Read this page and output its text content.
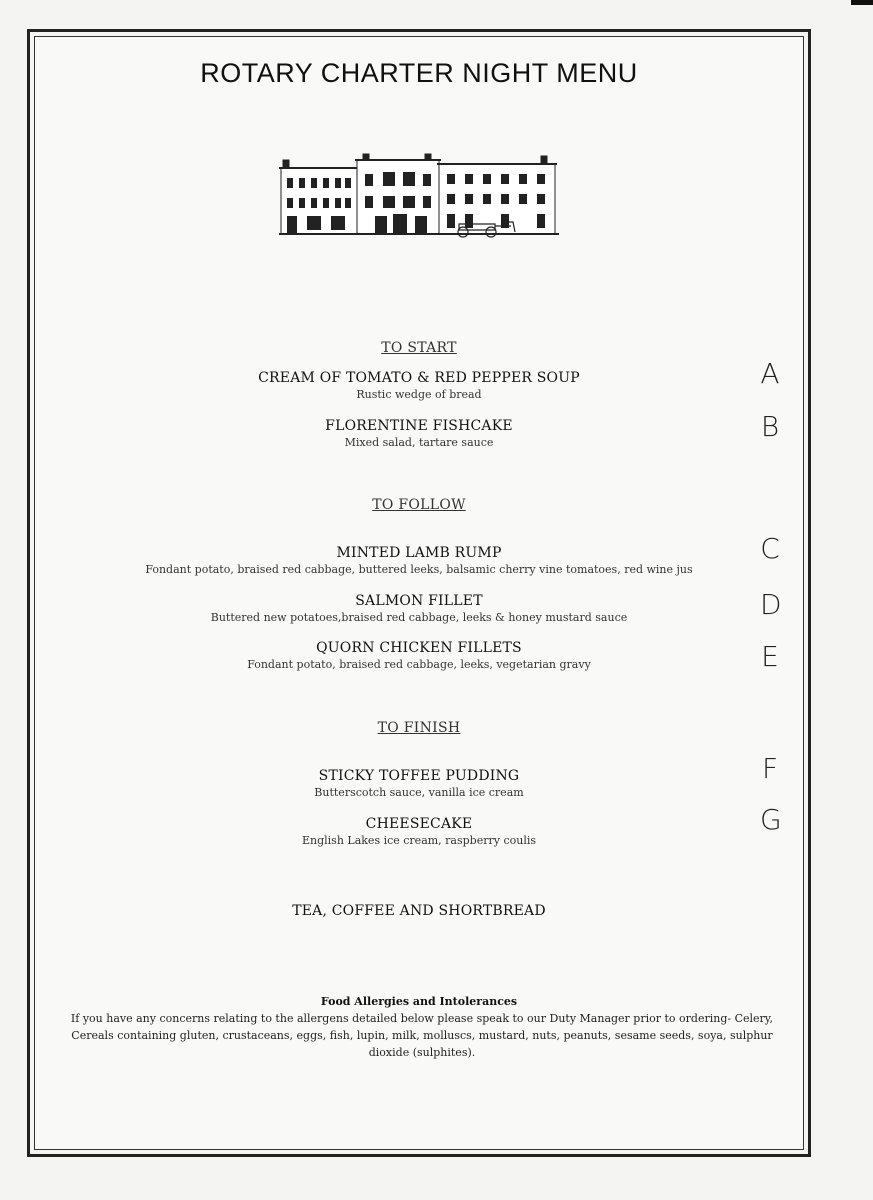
ROTARY CHARTER NIGHT MENU
TO START
CREAM OF TOMATO & RED PEPPER SOUP
Rustic wedge of bread
A
FLORENTINE FISHCAKE
Mixed salad, tartare sauce	B
TO FOLLOW
MINTED LAMB RUMP
Fondant potato, braised red cabbage, buttered leeks, balsamic cherry vine tomatoes, red wine jus
C
SALMON FILLET
Buttered new potatoes,braised red cabbage, leeks & honey mustard sauce	D
QUORN CHICKEN FILLETS
Fondant potato, braised red cabbage, leeks, vegetarian gravy	E
TO FINISH
STICKY TOFFEE PUDDING
Butterscotch sauce, vanilla ice cream
F
CHEESECAKE
English Lakes ice cream, raspberry coulis
G
TEA, COFFEE AND SHORTBREAD
Food Allergies and Intolerances
If you have any concerns relating to the allergens detailed below please speak to our Duty Manager prior to ordering- Celery, Cereals containing gluten, crustaceans, eggs, fish, lupin, milk, molluscs, mustard, nuts, peanuts, sesame seeds, soya, sulphur dioxide (sulphites).
